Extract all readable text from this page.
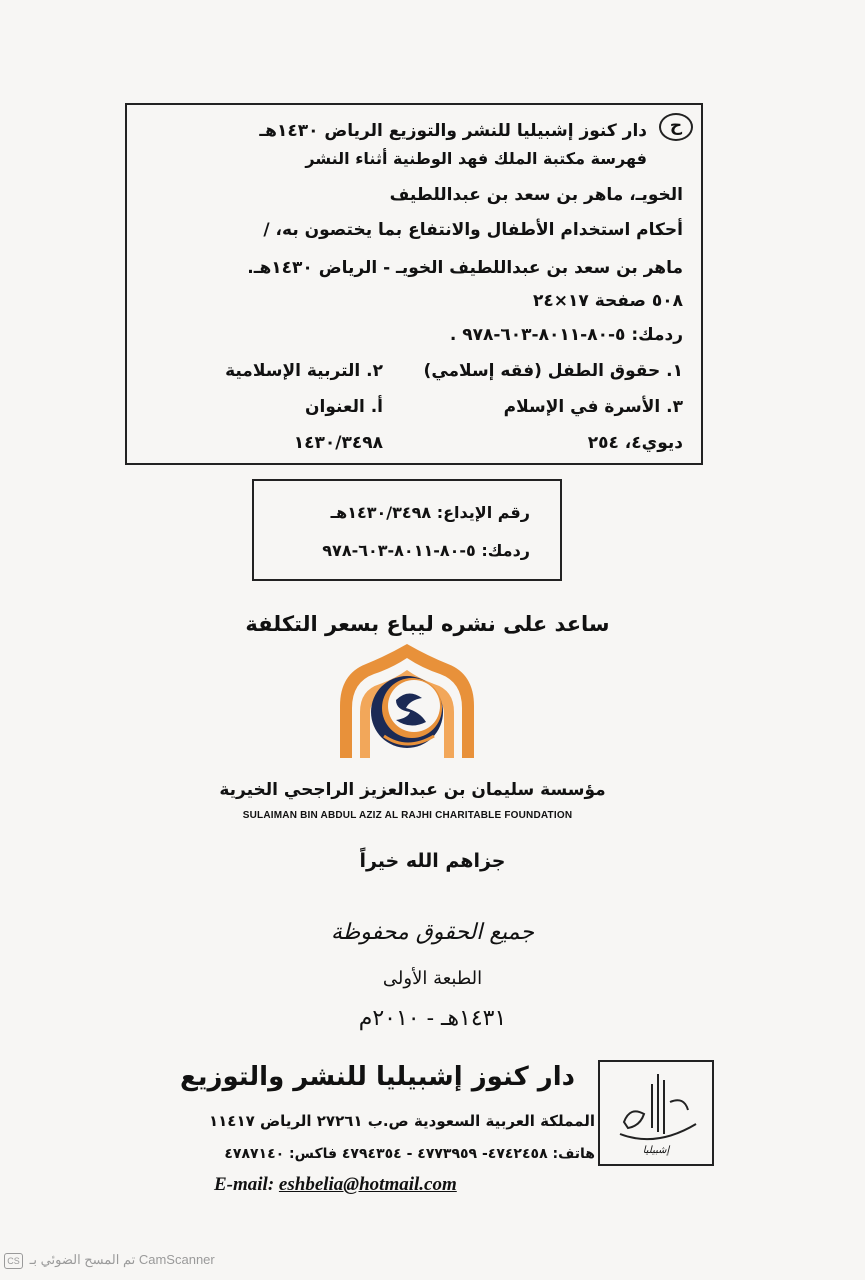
ح
دار كنوز إشبيليا للنشر والتوزيع الرياض ١٤٣٠هـ
فهرسة مكتبة الملك فهد الوطنية أثناء النشر
الخويـ، ماهر بن سعد بن عبداللطيف
أحكام استخدام الأطفال والانتفاع بما يختصون به، /
ماهر بن سعد بن عبداللطيف الخويـ - الرياض ١٤٣٠هـ.
٥٠٨ صفحة ١٧×٢٤
ردمك: ٥-٨٠-٨٠١١-٦٠٣-٩٧٨ .
١. حقوق الطفل (فقه إسلامي)
٢. التربية الإسلامية
٣. الأسرة في الإسلام
أ. العنوان
ديوي٤، ٢٥٤
١٤٣٠/٣٤٩٨
رقم الإيداع: ١٤٣٠/٣٤٩٨هـ
ردمك: ٥-٨٠-٨٠١١-٦٠٣-٩٧٨
ساعد على نشره ليباع بسعر التكلفة
مؤسسة سليمان بن عبدالعزيز الراجحي الخيرية
SULAIMAN BIN ABDUL AZIZ AL RAJHI CHARITABLE FOUNDATION
جزاهم الله خيراً
جميع الحقوق محفوظة
الطبعة الأولى
١٤٣١هـ - ٢٠١٠م
دار كنوز إشبيليا للنشر والتوزيع
المملكة العربية السعودية ص.ب ٢٧٢٦١ الرياض ١١٤١٧
هاتف: ٤٧٤٢٤٥٨- ٤٧٧٣٩٥٩ - ٤٧٩٤٣٥٤ فاكس: ٤٧٨٧١٤٠
E-mail: eshbelia@hotmail.com
إشبيليا
CS تم المسح الضوئي بـ CamScanner
